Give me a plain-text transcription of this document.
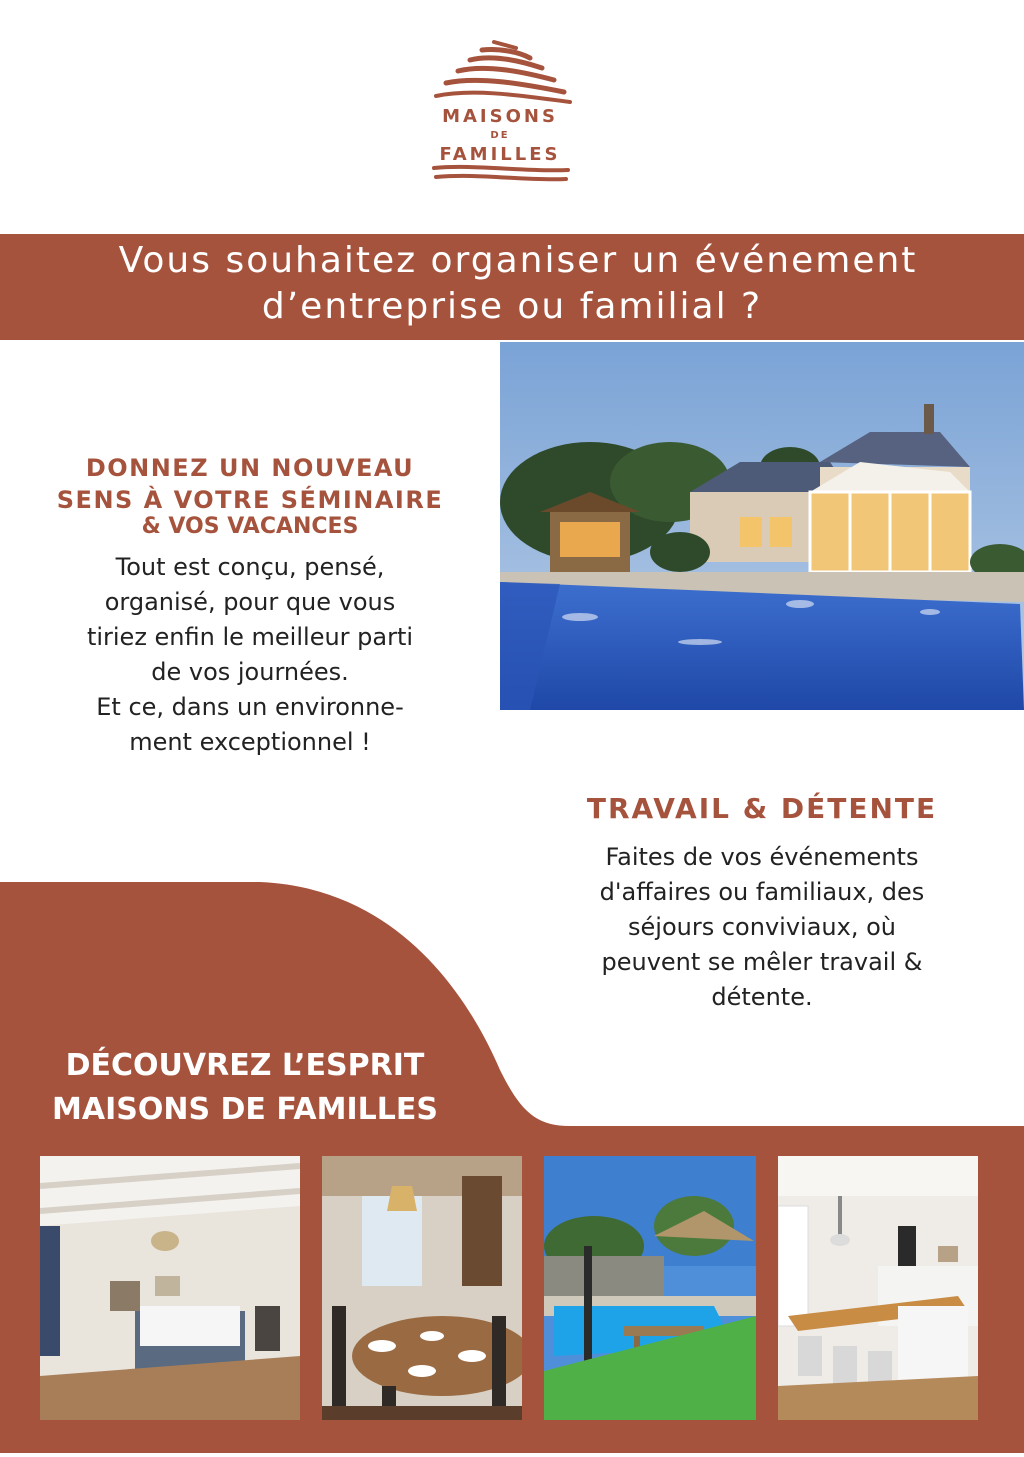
MAISONS
DE
FAMILLES
Vous souhaitez organiser un événement
d’entreprise ou familial ?
DONNEZ UN NOUVEAU
SENS À VOTRE SÉMINAIRE
& VOS VACANCES
Tout est conçu, pensé,
organisé, pour que vous
tiriez enfin le meilleur parti
de vos journées.
Et ce, dans un environne-
ment exceptionnel !
TRAVAIL & DÉTENTE
Faites de vos événements
d'affaires ou familiaux, des
séjours conviviaux, où
peuvent se mêler travail &
détente.
DÉCOUVREZ L’ESPRIT
MAISONS DE FAMILLES
